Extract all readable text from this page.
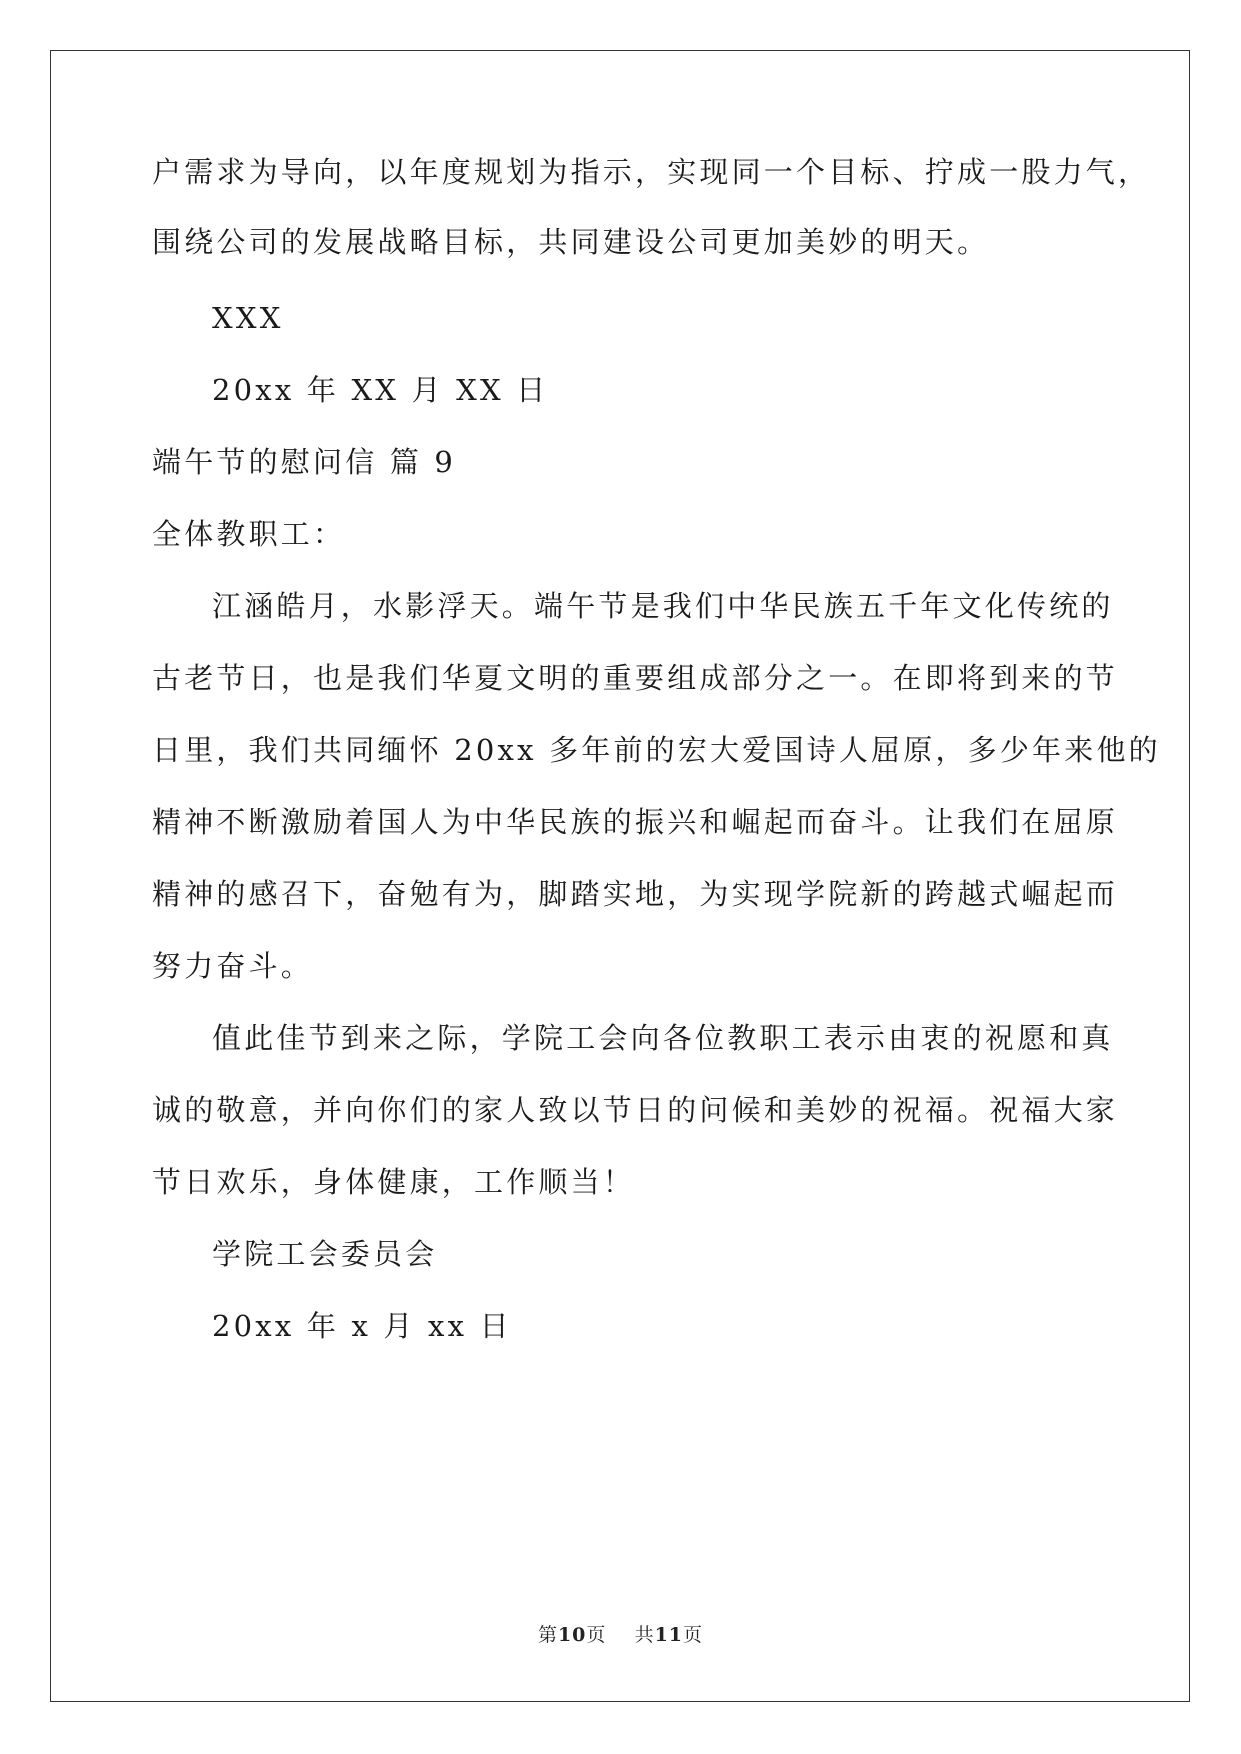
户需求为导向，以年度规划为指示，实现同一个目标、拧成一股力气，
围绕公司的发展战略目标，共同建设公司更加美妙的明天。
XXX
20xx 年 XX 月 XX 日
端午节的慰问信 篇 9
全体教职工：
江涵皓月，水影浮天。端午节是我们中华民族五千年文化传统的
古老节日，也是我们华夏文明的重要组成部分之一。在即将到来的节
日里，我们共同缅怀 20xx 多年前的宏大爱国诗人屈原，多少年来他的
精神不断激励着国人为中华民族的振兴和崛起而奋斗。让我们在屈原
精神的感召下，奋勉有为，脚踏实地，为实现学院新的跨越式崛起而
努力奋斗。
值此佳节到来之际，学院工会向各位教职工表示由衷的祝愿和真
诚的敬意，并向你们的家人致以节日的问候和美妙的祝福。祝福大家
节日欢乐，身体健康，工作顺当！
学院工会委员会
20xx 年 x 月 xx 日
第10页    共11页
